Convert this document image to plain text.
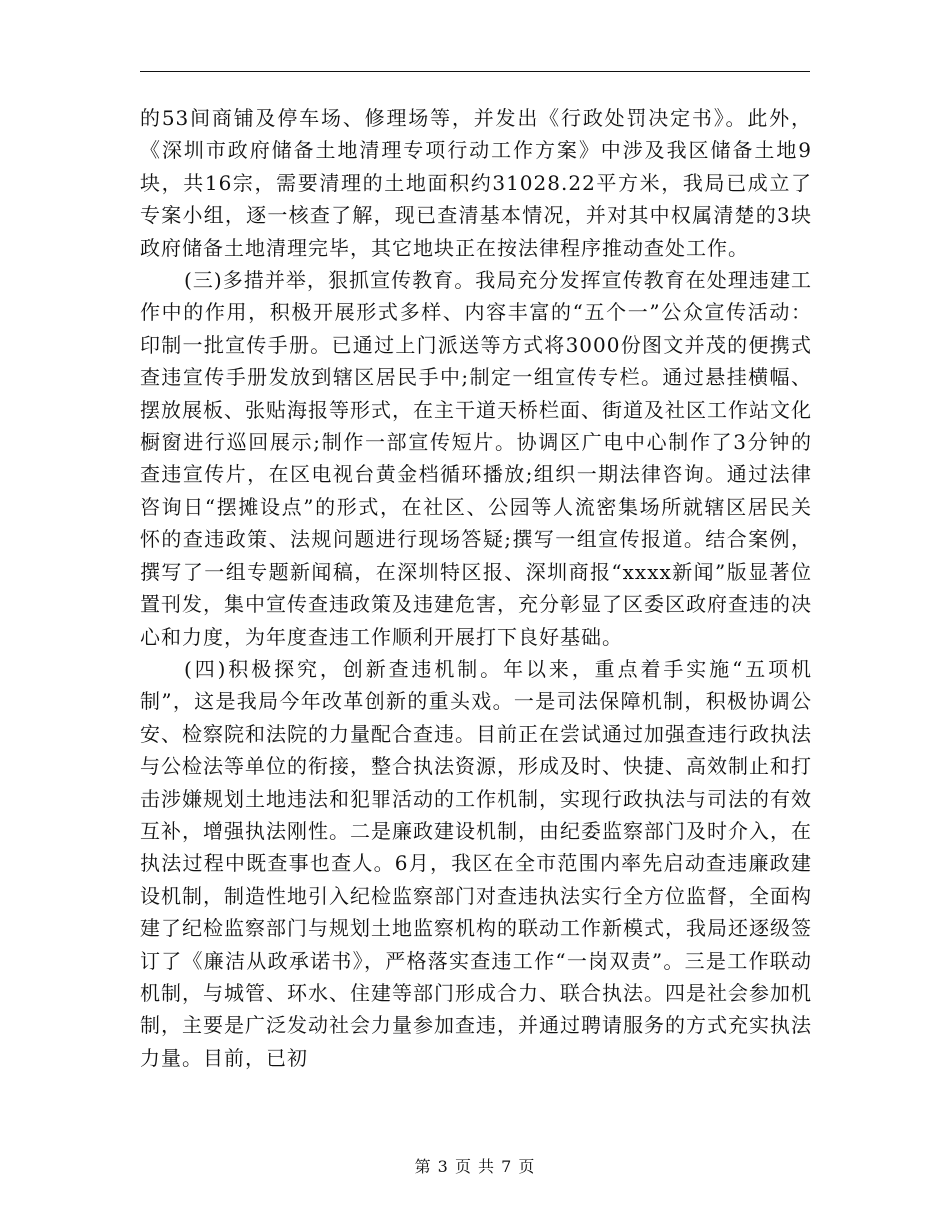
的53间商铺及停车场、修理场等，并发出《行政处罚决定书》。此外，《深圳市政府储备土地清理专项行动工作方案》中涉及我区储备土地9块，共16宗，需要清理的土地面积约31028.22平方米，我局已成立了专案小组，逐一核查了解，现已查清基本情况，并对其中权属清楚的3块政府储备土地清理完毕，其它地块正在按法律程序推动查处工作。

(三)多措并举，狠抓宣传教育。我局充分发挥宣传教育在处理违建工作中的作用，积极开展形式多样、内容丰富的“五个一”公众宣传活动：印制一批宣传手册。已通过上门派送等方式将3000份图文并茂的便携式查违宣传手册发放到辖区居民手中;制定一组宣传专栏。通过悬挂横幅、摆放展板、张贴海报等形式，在主干道天桥栏面、街道及社区工作站文化橱窗进行巡回展示;制作一部宣传短片。协调区广电中心制作了3分钟的查违宣传片，在区电视台黄金档循环播放;组织一期法律咨询。通过法律咨询日“摆摊设点”的形式，在社区、公园等人流密集场所就辖区居民关怀的查违政策、法规问题进行现场答疑;撰写一组宣传报道。结合案例，撰写了一组专题新闻稿，在深圳特区报、深圳商报“xxxx新闻”版显著位置刊发，集中宣传查违政策及违建危害，充分彰显了区委区政府查违的决心和力度，为年度查违工作顺利开展打下良好基础。

(四)积极探究，创新查违机制。年以来，重点着手实施“五项机制”，这是我局今年改革创新的重头戏。一是司法保障机制，积极协调公安、检察院和法院的力量配合查违。目前正在尝试通过加强查违行政执法与公检法等单位的衔接，整合执法资源，形成及时、快捷、高效制止和打击涉嫌规划土地违法和犯罪活动的工作机制，实现行政执法与司法的有效互补，增强执法刚性。二是廉政建设机制，由纪委监察部门及时介入，在执法过程中既查事也查人。6月，我区在全市范围内率先启动查违廉政建设机制，制造性地引入纪检监察部门对查违执法实行全方位监督，全面构建了纪检监察部门与规划土地监察机构的联动工作新模式，我局还逐级签订了《廉洁从政承诺书》，严格落实查违工作“一岗双责”。三是工作联动机制，与城管、环水、住建等部门形成合力、联合执法。四是社会参加机制，主要是广泛发动社会力量参加查违，并通过聘请服务的方式充实执法力量。目前，已初

第 3 页 共 7 页
